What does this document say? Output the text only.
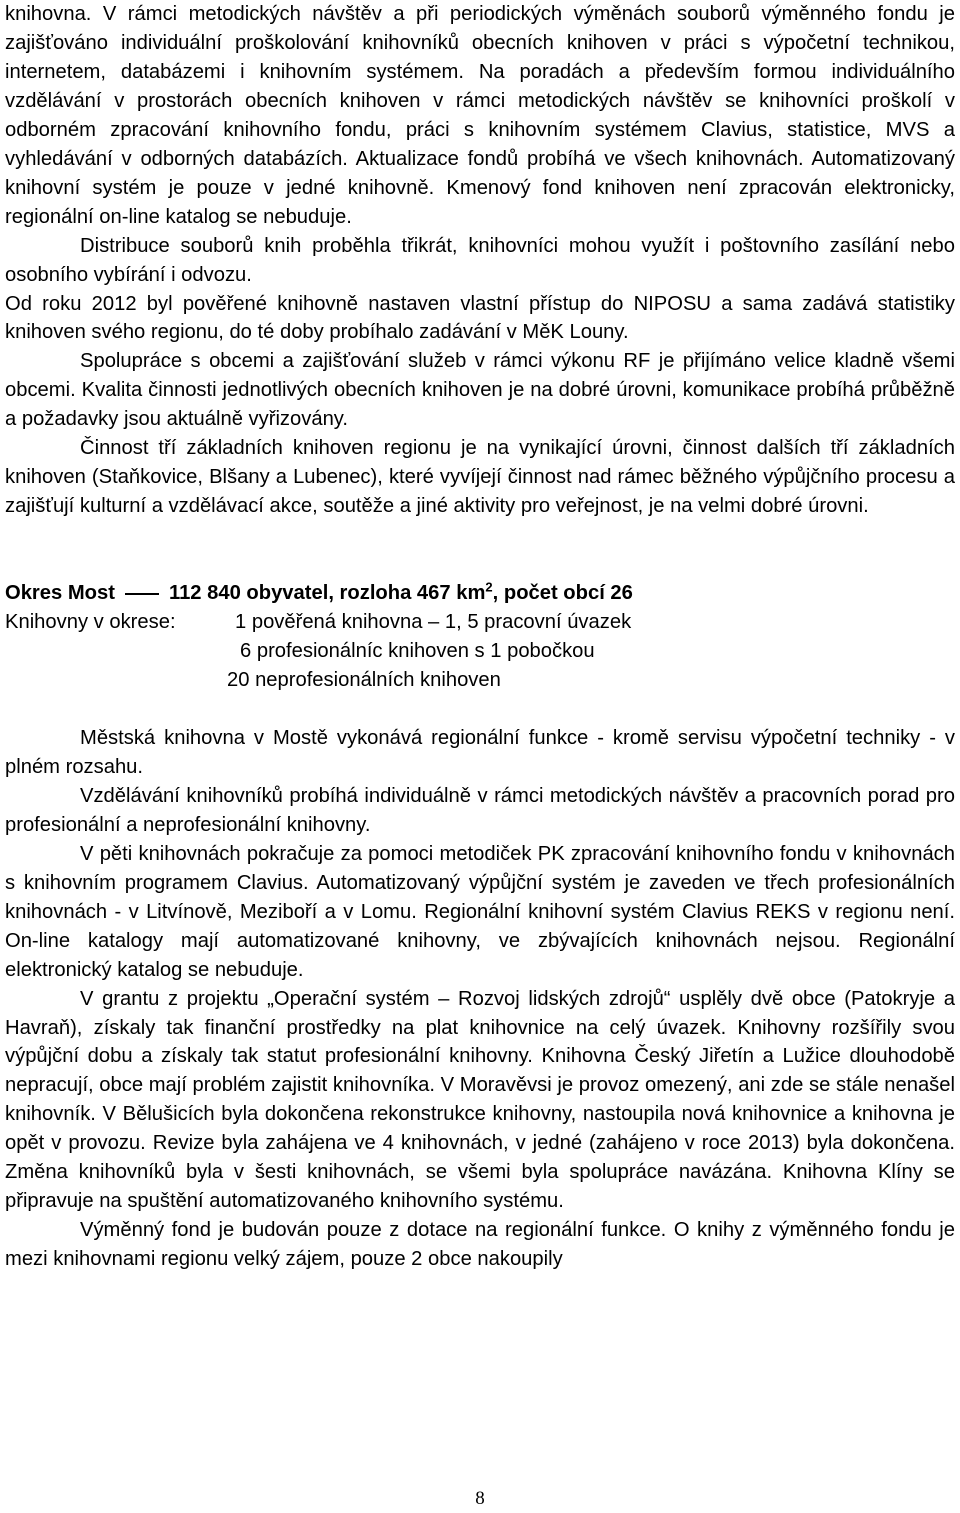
knihovna. V rámci metodických návštěv a při periodických výměnách souborů výměnného fondu je zajišťováno individuální proškolování knihovníků obecních knihoven v práci s výpočetní technikou, internetem, databázemi i knihovním systémem. Na poradách a především formou individuálního vzdělávání v prostorách obecních knihoven v rámci metodických návštěv se knihovníci proškolí v odborném zpracování knihovního fondu, práci s knihovním systémem Clavius, statistice, MVS a vyhledávání v odborných databázích. Aktualizace fondů probíhá ve všech knihovnách. Automatizovaný knihovní systém je pouze v jedné knihovně. Kmenový fond knihoven není zpracován elektronicky, regionální on-line katalog se nebuduje.

Distribuce souborů knih proběhla třikrát, knihovníci mohou využít i poštovního zasílání nebo osobního vybírání i odvozu.

Od roku 2012 byl pověřené knihovně nastaven vlastní přístup do NIPOSU a sama zadává statistiky knihoven svého regionu, do té doby probíhalo zadávání v MěK Louny.

Spolupráce s obcemi a zajišťování služeb v rámci výkonu RF je přijímáno velice kladně všemi obcemi. Kvalita činnosti jednotlivých obecních knihoven je na dobré úrovni, komunikace probíhá průběžně a požadavky jsou aktuálně vyřizovány.

Činnost tří základních knihoven regionu je na vynikající úrovni, činnost dalších tří základních knihoven (Staňkovice, Blšany a Lubenec), které vyvíjejí činnost nad rámec běžného výpůjčního procesu a zajišťují kulturní a vzdělávací akce, soutěže a jiné aktivity pro veřejnost, je na velmi dobré úrovni.

Okres Most	112 840 obyvatel, rozloha 467 $km^2$, počet obcí 26

Knihovny v okrese:	1 pověřená knihovna – 1, 5 pracovní úvazek
6 profesionálníc knihoven s 1 pobočkou
20 neprofesionálních knihoven

Městská knihovna v Mostě vykonává regionální funkce - kromě servisu výpočetní techniky - v plném rozsahu.

Vzdělávání knihovníků probíhá individuálně v rámci metodických návštěv a pracovních porad pro profesionální a neprofesionální knihovny.

V pěti knihovnách pokračuje za pomoci metodiček PK zpracování knihovního fondu v knihovnách s knihovním programem Clavius. Automatizovaný výpůjční systém je zaveden ve třech profesionálních knihovnách - v Litvínově, Meziboří a v Lomu. Regionální knihovní systém Clavius REKS v regionu není. On-line katalogy mají automatizované knihovny, ve zbývajících knihovnách nejsou. Regionální elektronický katalog se nebuduje.

V grantu z projektu „Operační systém – Rozvoj lidských zdrojů“ usplěly dvě obce (Patokryje a Havraň), získaly tak finanční prostředky na plat knihovnice na celý úvazek. Knihovny rozšířily svou výpůjční dobu a získaly tak statut profesionální knihovny. Knihovna Český Jiřetín a Lužice dlouhodobě nepracují, obce mají problém zajistit knihovníka. V Moravěvsi je provoz omezený, ani zde se stále nenašel knihovník. V Bělušicích byla dokončena rekonstrukce knihovny, nastoupila nová knihovnice a knihovna je opět v provozu. Revize byla zahájena ve 4 knihovnách, v jedné (zahájeno v roce 2013) byla dokončena. Změna knihovníků byla v šesti knihovnách, se všemi byla spolupráce navázána. Knihovna Klíny se připravuje na spuštění automatizovaného knihovního systému.

Výměnný fond je budován pouze z dotace na regionální funkce. O knihy z výměnného fondu je mezi knihovnami regionu velký zájem, pouze 2 obce nakoupily

8
